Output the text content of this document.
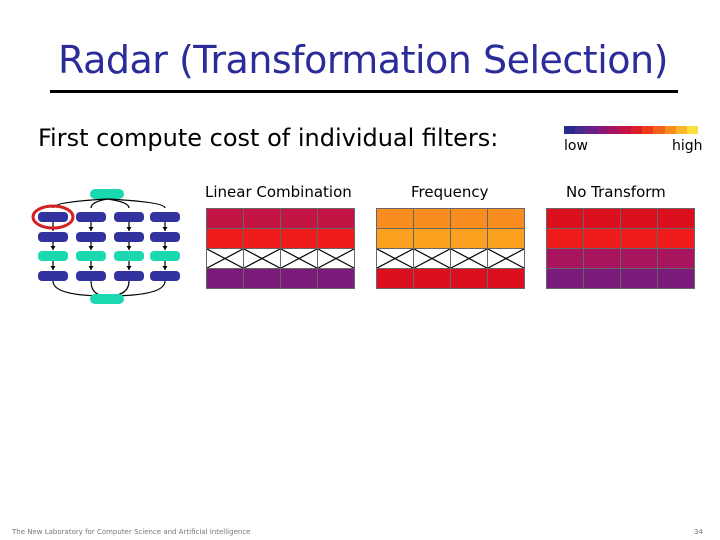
Radar (Transformation Selection)
First compute cost of individual filters:	low	high
Linear Combination	Frequency	No Transform
The New Laboratory for Computer Science and Artificial Intelligence	34
